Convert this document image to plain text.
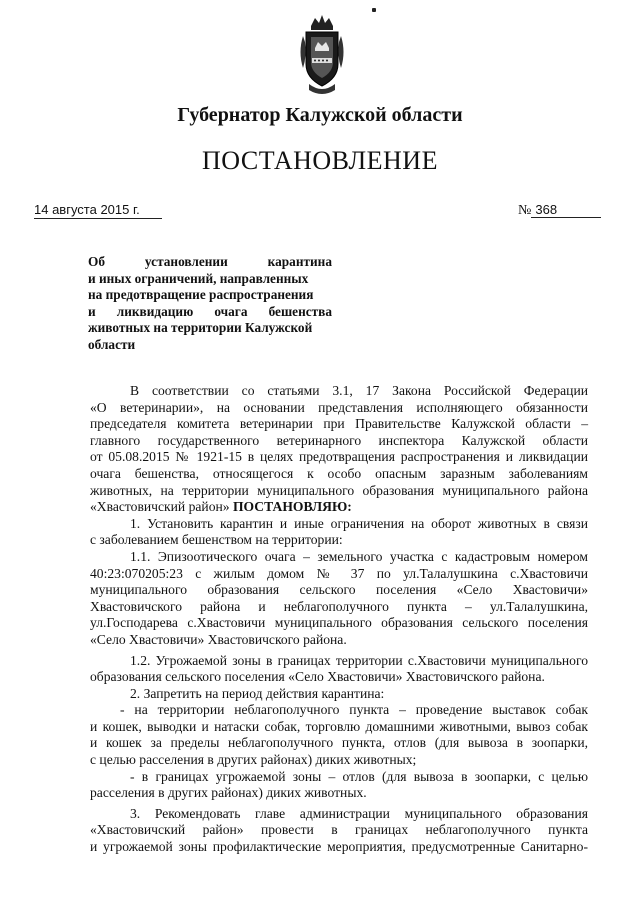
Губернатор Калужской области
ПОСТАНОВЛЕНИЕ
14 августа 2015 г.	№ 368
Об установлении карантина
и иных ограничений, направленных
на предотвращение распространения
и ликвидацию очага бешенства
животных на территории Калужской
области
В соответствии со статьями 3.1, 17 Закона Российской Федерации
«О ветеринарии», на основании представления исполняющего обязанности
председателя комитета ветеринарии при Правительстве Калужской области –
главного государственного ветеринарного инспектора Калужской области
от 05.08.2015 № 1921-15 в целях предотвращения распространения и ликвидации
очага бешенства, относящегося к особо опасным заразным заболеваниям
животных, на территории муниципального образования муниципального района
«Хвастовичский район» ПОСТАНОВЛЯЮ:
1. Установить карантин и иные ограничения на оборот животных в связи
с заболеванием бешенством на территории:
1.1. Эпизоотического очага – земельного участка с кадастровым номером
40:23:070205:23 с жилым домом № 37 по ул.Талалушкина с.Хвастовичи
муниципального образования сельского поселения «Село Хвастовичи»
Хвастовичского района и неблагополучного пункта – ул.Талалушкина,
ул.Господарева с.Хвастовичи муниципального образования сельского поселения
«Село Хвастовичи» Хвастовичского района.
1.2. Угрожаемой зоны в границах территории с.Хвастовичи муниципального
образования сельского поселения «Село Хвастовичи» Хвастовичского района.
2. Запретить на период действия карантина:
- на территории неблагополучного пункта – проведение выставок собак
и кошек, выводки и натаски собак, торговлю домашними животными, вывоз собак
и кошек за пределы неблагополучного пункта, отлов (для вывоза в зоопарки,
с целью расселения в других районах) диких животных;
- в границах угрожаемой зоны – отлов (для вывоза в зоопарки, с целью
расселения в других районах) диких животных.
3. Рекомендовать главе администрации муниципального образования
«Хвастовичский район» провести в границах неблагополучного пункта
и угрожаемой зоны профилактические мероприятия, предусмотренные Санитарно-
